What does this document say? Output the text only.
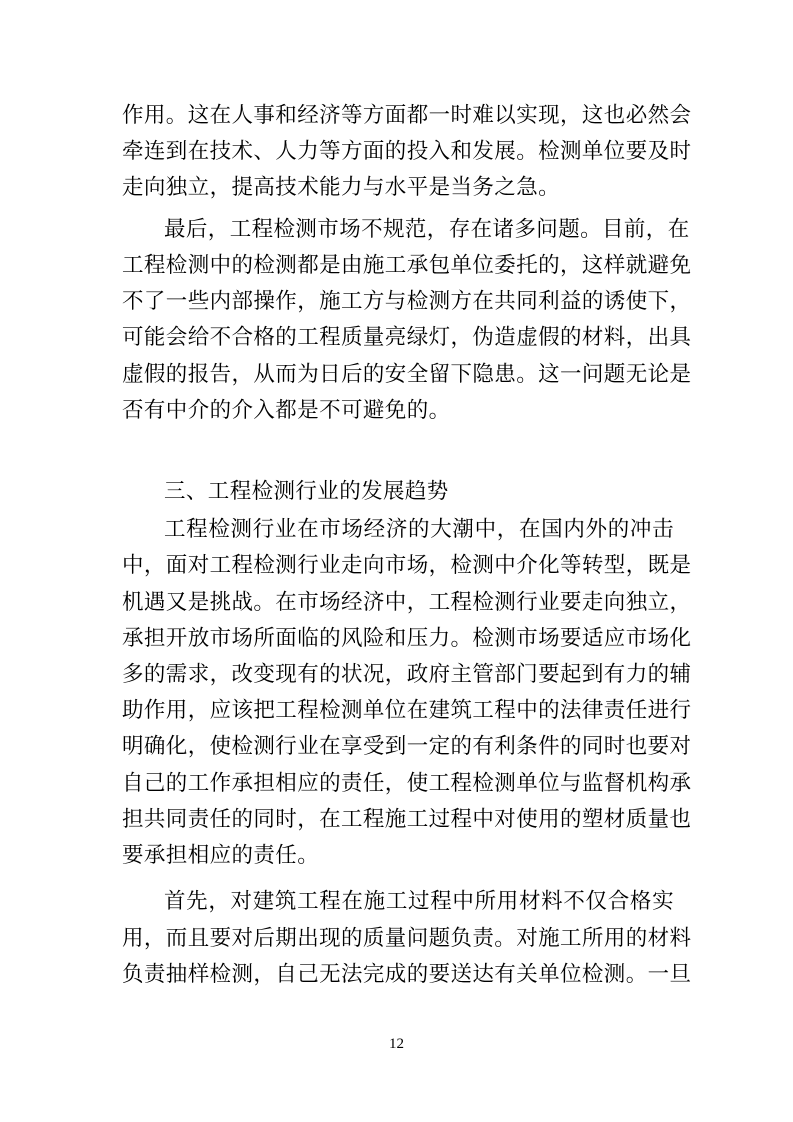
作用。这在人事和经济等方面都一时难以实现，这也必然会
牵连到在技术、人力等方面的投入和发展。检测单位要及时
走向独立，提高技术能力与水平是当务之急。
最后，工程检测市场不规范，存在诸多问题。目前，在
工程检测中的检测都是由施工承包单位委托的，这样就避免
不了一些内部操作，施工方与检测方在共同利益的诱使下，
可能会给不合格的工程质量亮绿灯，伪造虚假的材料，出具
虚假的报告，从而为日后的安全留下隐患。这一问题无论是
否有中介的介入都是不可避免的。
三、工程检测行业的发展趋势
工程检测行业在市场经济的大潮中，在国内外的冲击
中，面对工程检测行业走向市场，检测中介化等转型，既是
机遇又是挑战。在市场经济中，工程检测行业要走向独立，
承担开放市场所面临的风险和压力。检测市场要适应市场化
多的需求，改变现有的状况，政府主管部门要起到有力的辅
助作用，应该把工程检测单位在建筑工程中的法律责任进行
明确化，使检测行业在享受到一定的有利条件的同时也要对
自己的工作承担相应的责任，使工程检测单位与监督机构承
担共同责任的同时，在工程施工过程中对使用的塑材质量也
要承担相应的责任。
首先，对建筑工程在施工过程中所用材料不仅合格实
用，而且要对后期出现的质量问题负责。对施工所用的材料
负责抽样检测，自己无法完成的要送达有关单位检测。一旦
12
